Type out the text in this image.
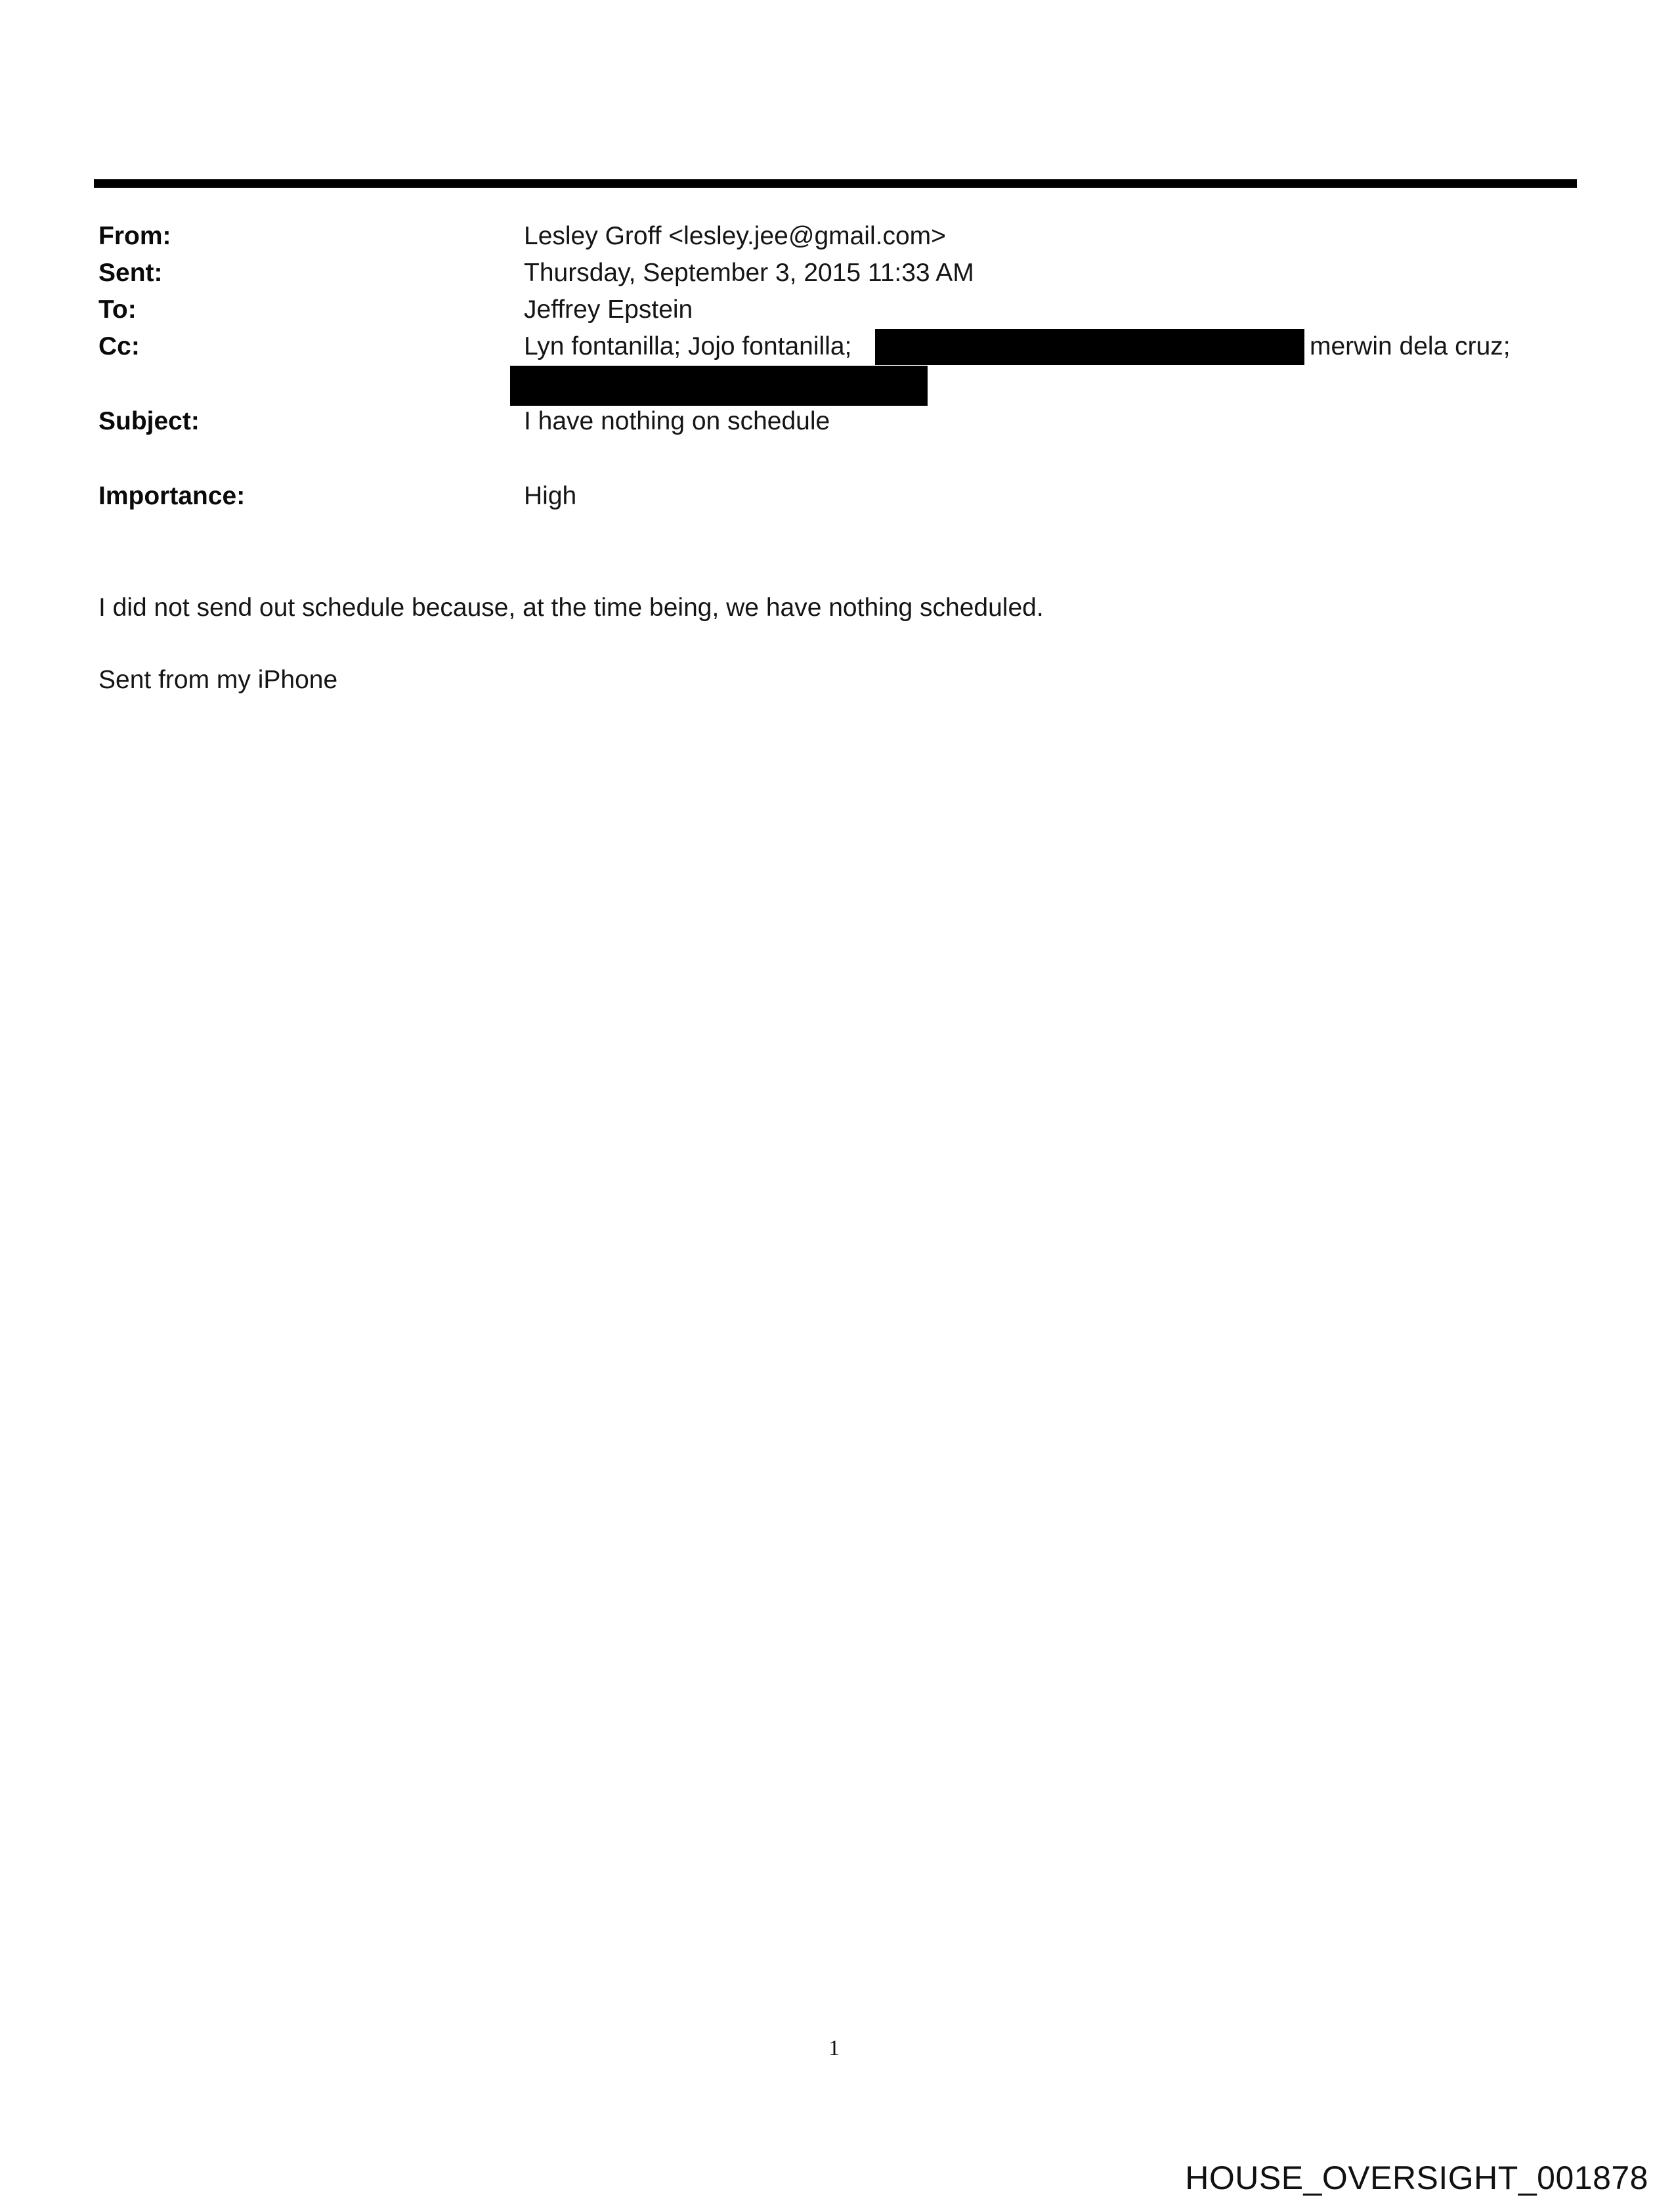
From:	Lesley Groff <lesley.jee@gmail.com>
Sent:	Thursday, September 3, 2015 11:33 AM
To:	Jeffrey Epstein
Cc:	Lyn fontanilla; Jojo fontanilla;	merwin dela cruz;
Subject:	I have nothing on schedule
Importance:	High
I did not send out schedule because, at the time being, we have nothing scheduled.
Sent from my iPhone
1
HOUSE_OVERSIGHT_001878
